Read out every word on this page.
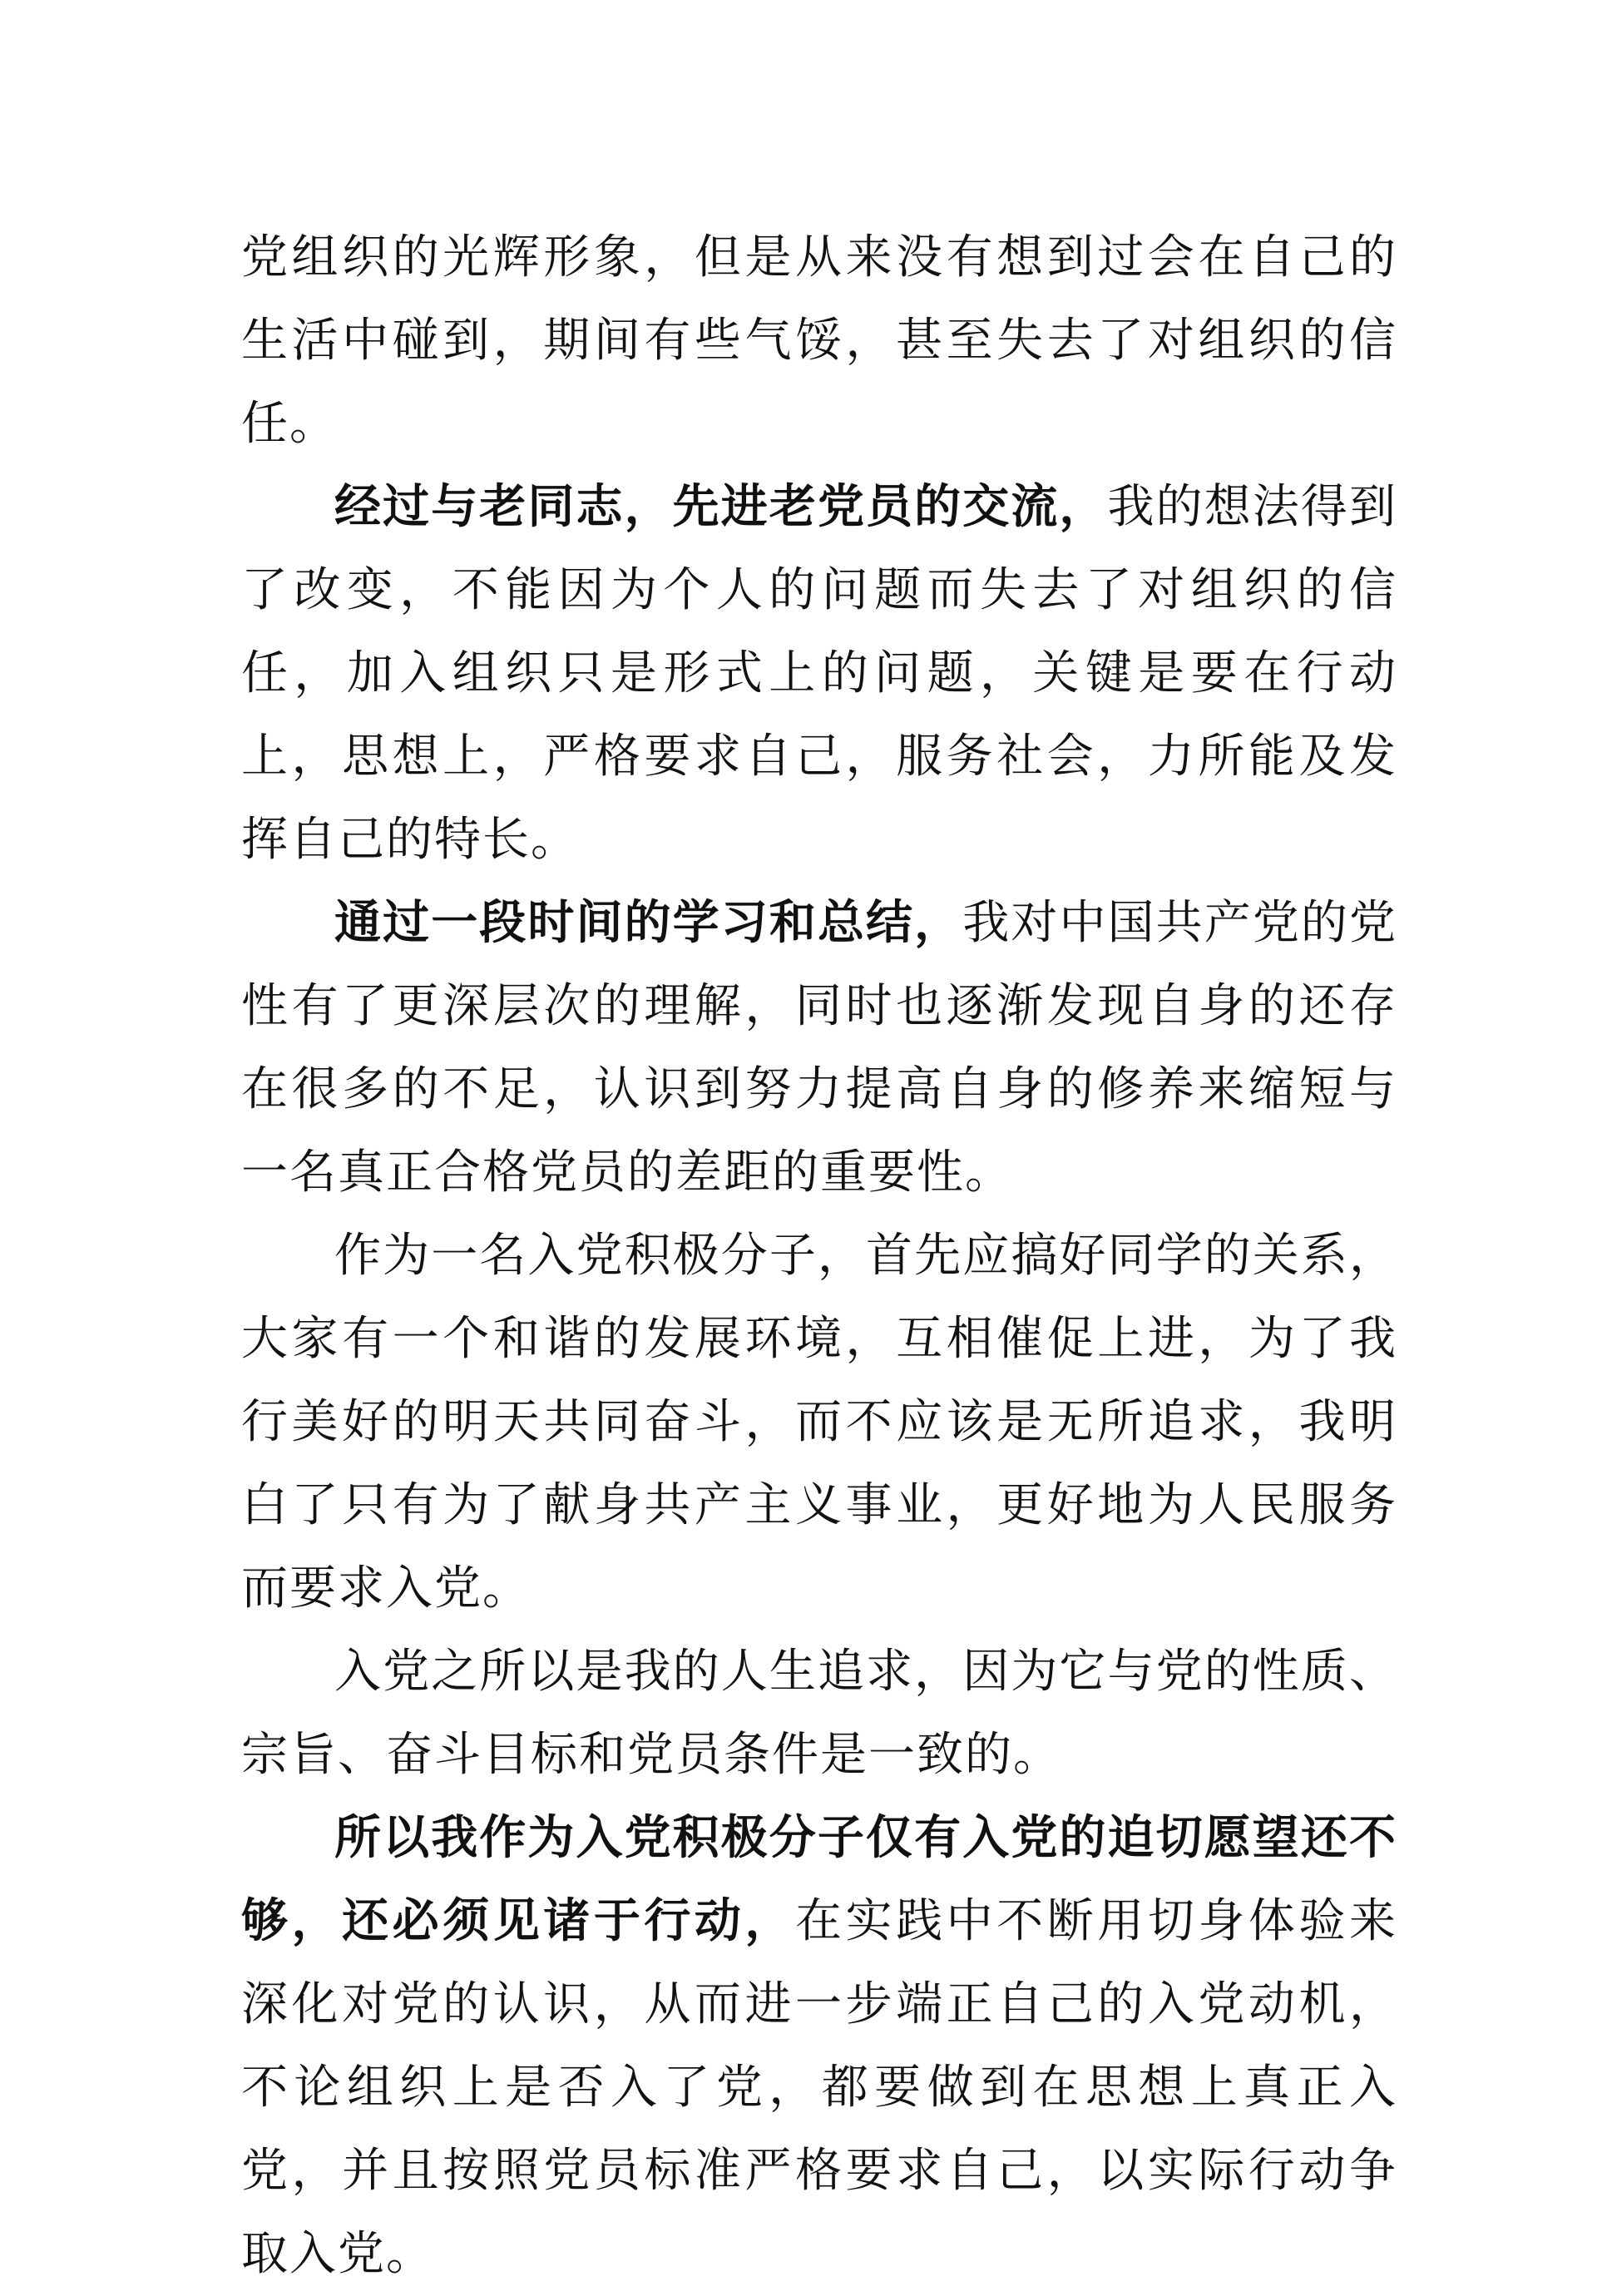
党组织的光辉形象，但是从来没有想到过会在自己的生活中碰到，期间有些气馁，甚至失去了对组织的信任。

经过与老同志，先进老党员的交流，我的想法得到了改变，不能因为个人的问题而失去了对组织的信任，加入组织只是形式上的问题，关键是要在行动上，思想上，严格要求自己，服务社会，力所能及发挥自己的特长。

通过一段时间的学习和总结，我对中国共产党的党性有了更深层次的理解，同时也逐渐发现自身的还存在很多的不足，认识到努力提高自身的修养来缩短与一名真正合格党员的差距的重要性。

作为一名入党积极分子，首先应搞好同学的关系，大家有一个和谐的发展环境，互相催促上进，为了我行美好的明天共同奋斗，而不应该是无所追求，我明白了只有为了献身共产主义事业，更好地为人民服务而要求入党。

入党之所以是我的人生追求，因为它与党的性质、宗旨、奋斗目标和党员条件是一致的。

所以我作为入党积极分子仅有入党的迫切愿望还不够，还必须见诸于行动，在实践中不断用切身体验来深化对党的认识，从而进一步端正自己的入党动机，不论组织上是否入了党，都要做到在思想上真正入党，并且按照党员标准严格要求自己，以实际行动争取入党。
